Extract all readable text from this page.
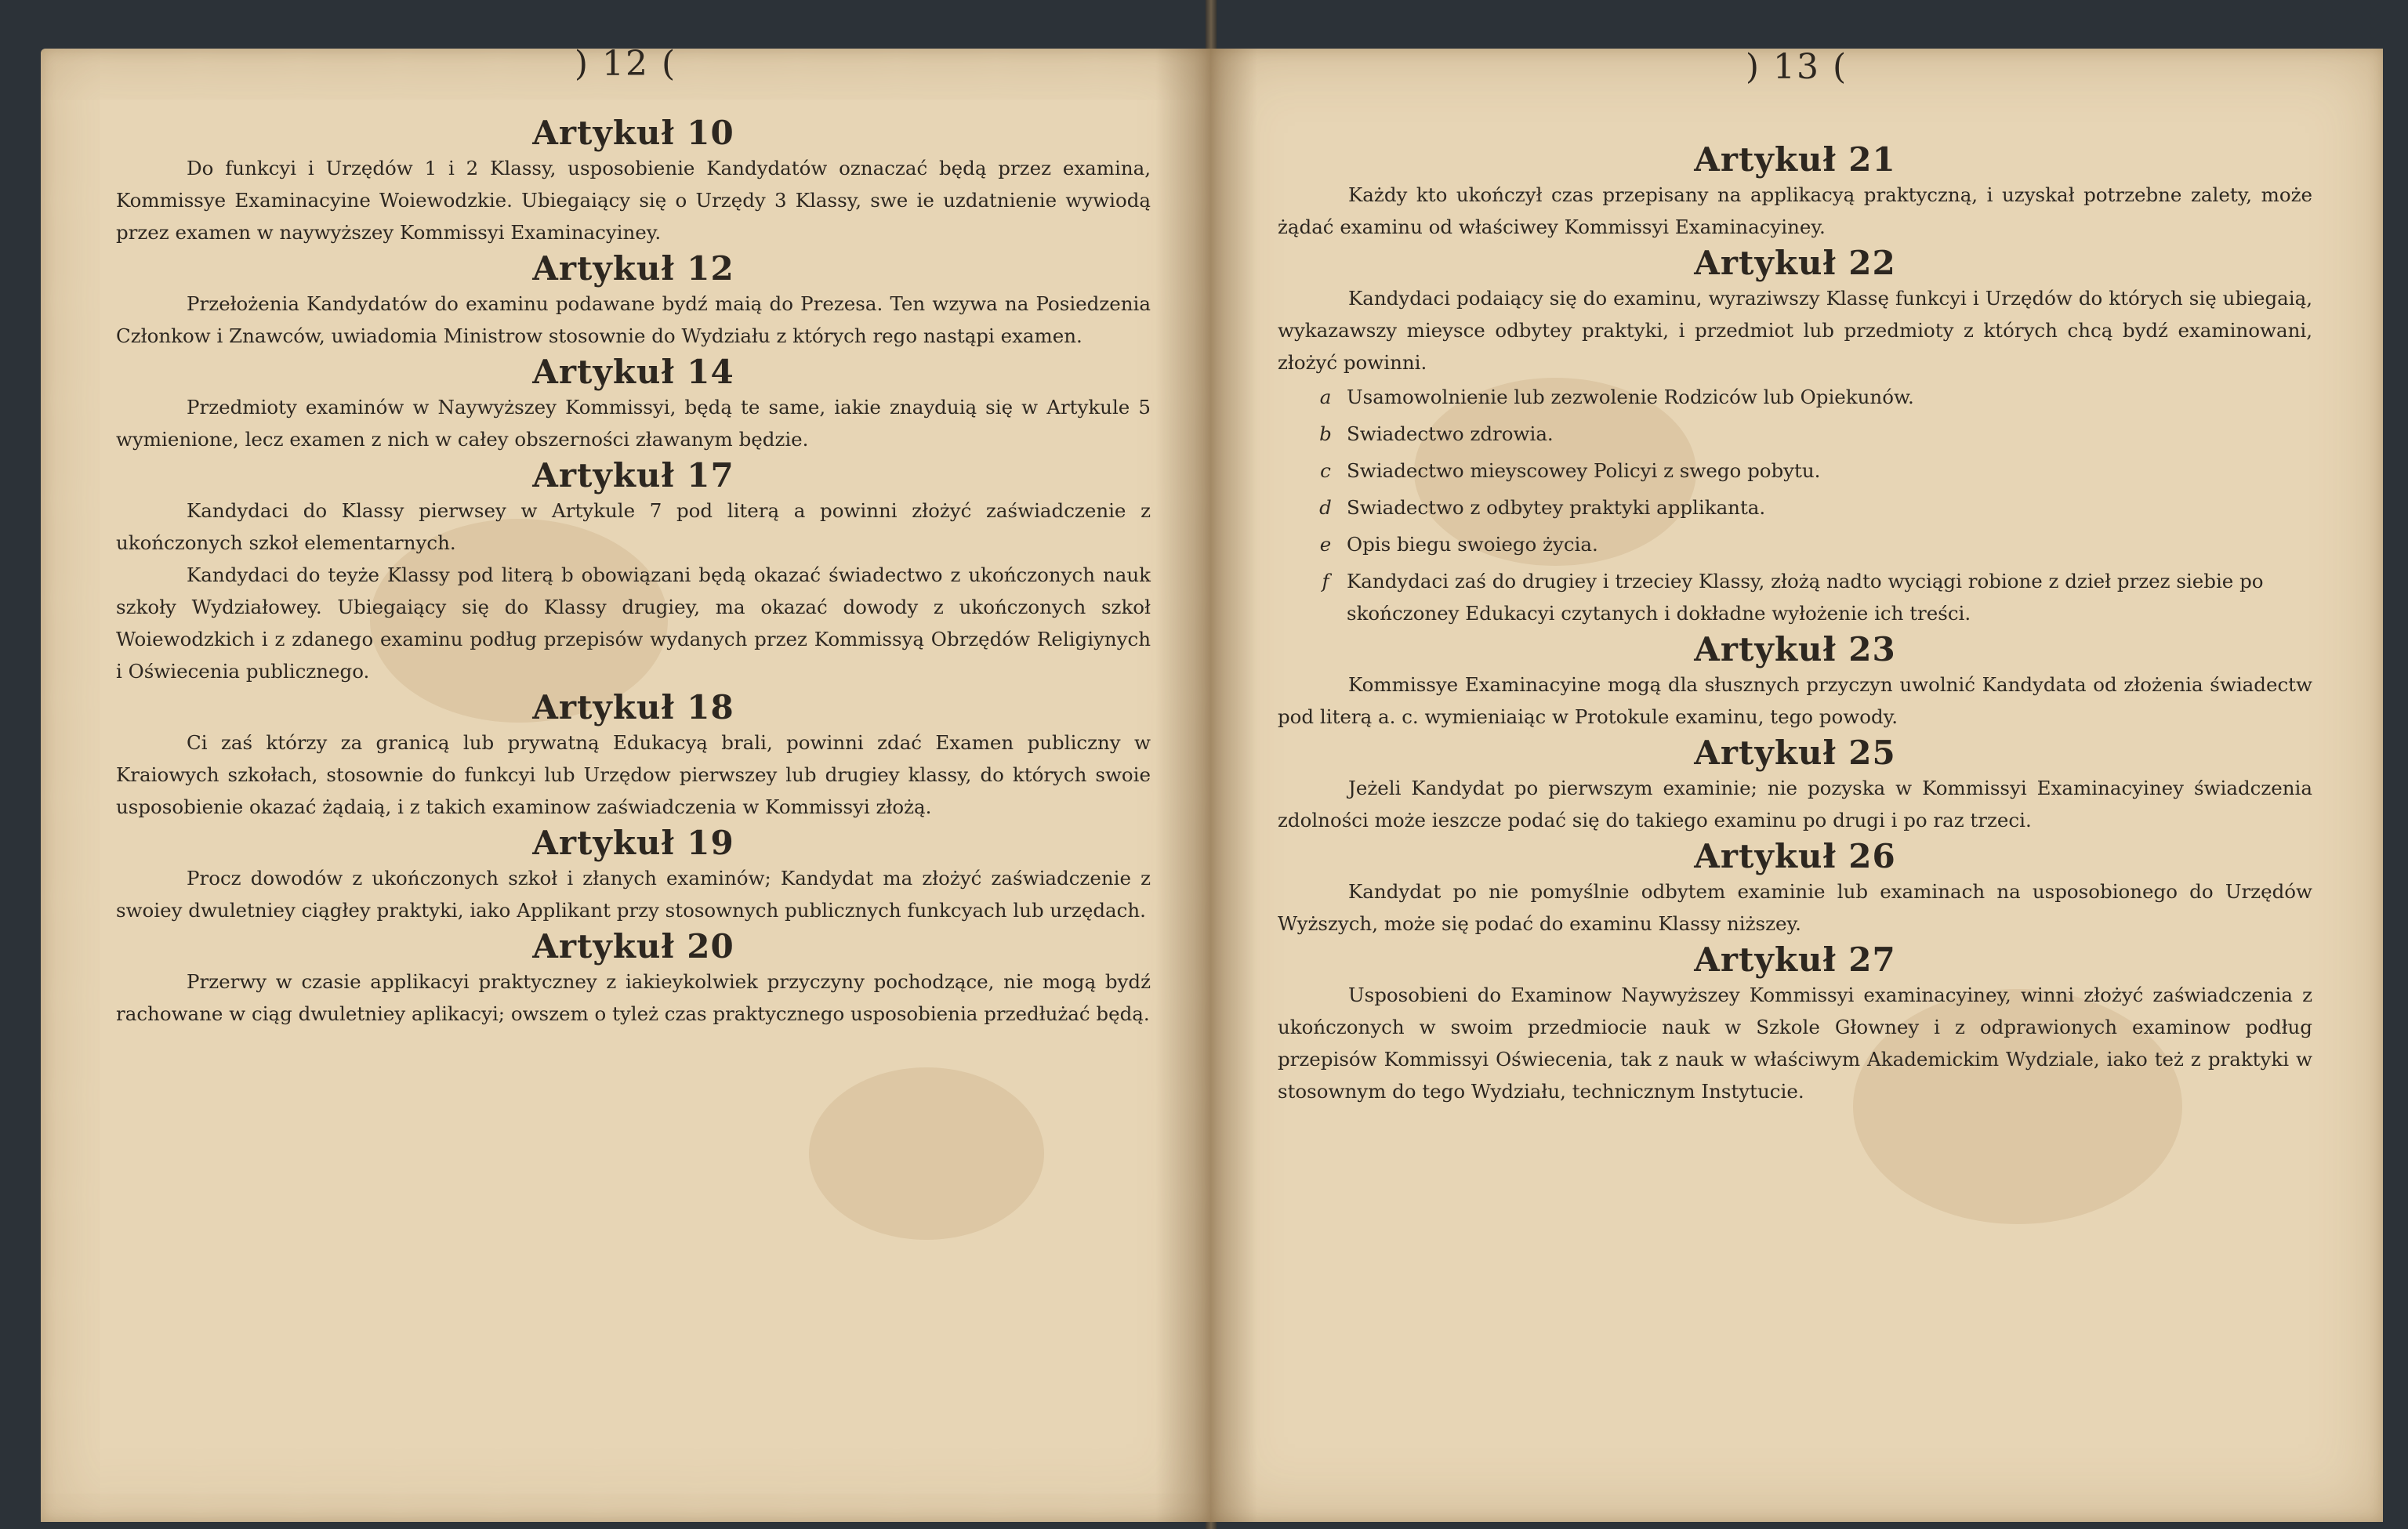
) 12 (
Artykuł 10

Do funkcyi i Urzędów 1 i 2 Klassy, usposobienie Kandydatów oznaczać będą przez examina, Kommissye Examinacyine Woiewodzkie. Ubiegaiący się o Urzędy 3 Klassy, swe ie uzdatnienie wywiodą przez examen w naywyższey Kommissyi Examinacyiney.

Artykuł 12

Przełożenia Kandydatów do examinu podawane bydź maią do Prezesa. Ten wzywa na Posiedzenia Członkow i Znawców, uwiadomia Ministrow stosownie do Wydziału z których rego nastąpi examen.

Artykuł 14

Przedmioty examinów w Naywyższey Kommissyi, będą te same, iakie znayduią się w Artykule 5 wymienione, lecz examen z nich w całey obszerności zławanym będzie.

Artykuł 17

Kandydaci do Klassy pierwsey w Artykule 7 pod literą a powinni złożyć zaświadczenie z ukończonych szkoł elementarnych.

Kandydaci do teyże Klassy pod literą b obowiązani będą okazać świadectwo z ukończonych nauk szkoły Wydziałowey. Ubiegaiący się do Klassy drugiey, ma okazać dowody z ukończonych szkoł Woiewodzkich i z zdanego examinu podług przepisów wydanych przez Kommissyą Obrzędów Religiynych i Oświecenia publicznego.

Artykuł 18

Ci zaś którzy za granicą lub prywatną Edukacyą brali, powinni zdać Examen publiczny w Kraiowych szkołach, stosownie do funkcyi lub Urzędow pierwszey lub drugiey klassy, do których swoie usposobienie okazać żądaią, i z takich examinow zaświadczenia w Kommissyi złożą.

Artykuł 19

Procz dowodów z ukończonych szkoł i złanych examinów; Kandydat ma złożyć zaświadczenie z swoiey dwuletniey ciągłey praktyki, iako Applikant przy stosownych publicznych funkcyach lub urzędach.

Artykuł 20

Przerwy w czasie applikacyi praktyczney z iakieykolwiek przyczyny pochodzące, nie mogą bydź rachowane w ciąg dwuletniey aplikacyi; owszem o tyleż czas praktycznego usposobienia przedłużać będą.

) 13 (
Artykuł 21

Każdy kto ukończył czas przepisany na applikacyą praktyczną, i uzyskał potrzebne zalety, może żądać examinu od właściwey Kommissyi Examinacyiney.

Artykuł 22

Kandydaci podaiący się do examinu, wyraziwszy Klassę funkcyi i Urzędów do których się ubiegaią, wykazawszy mieysce odbytey praktyki, i przedmiot lub przedmioty z których chcą bydź examinowani, złożyć powinni.

a Usamowolnienie lub zezwolenie Rodziców lub Opiekunów.
b Swiadectwo zdrowia.
c Swiadectwo mieyscowey Policyi z swego pobytu.
d Swiadectwo z odbytey praktyki applikanta.
e Opis biegu swoiego życia.
f Kandydaci zaś do drugiey i trzeciey Klassy, złożą nadto wyciągi robione z dzieł przez siebie po skończoney Edukacyi czytanych i dokładne wyłożenie ich treści.
Artykuł 23

Kommissye Examinacyine mogą dla słusznych przyczyn uwolnić Kandydata od złożenia świadectw pod literą a. c. wymieniaiąc w Protokule examinu, tego powody.

Artykuł 25

Jeżeli Kandydat po pierwszym examinie; nie pozyska w Kommissyi Examinacyiney świadczenia zdolności może ieszcze podać się do takiego examinu po drugi i po raz trzeci.

Artykuł 26

Kandydat po nie pomyślnie odbytem examinie lub examinach na usposobionego do Urzędów Wyższych, może się podać do examinu Klassy niższey.

Artykuł 27

Usposobieni do Examinow Naywyższey Kommissyi examinacyiney, winni złożyć zaświadczenia z ukończonych w swoim przedmiocie nauk w Szkole Głowney i z odprawionych examinow podług przepisów Kommissyi Oświecenia, tak z nauk w właściwym Akademickim Wydziale, iako też z praktyki w stosownym do tego Wydziału, technicznym Instytucie.
